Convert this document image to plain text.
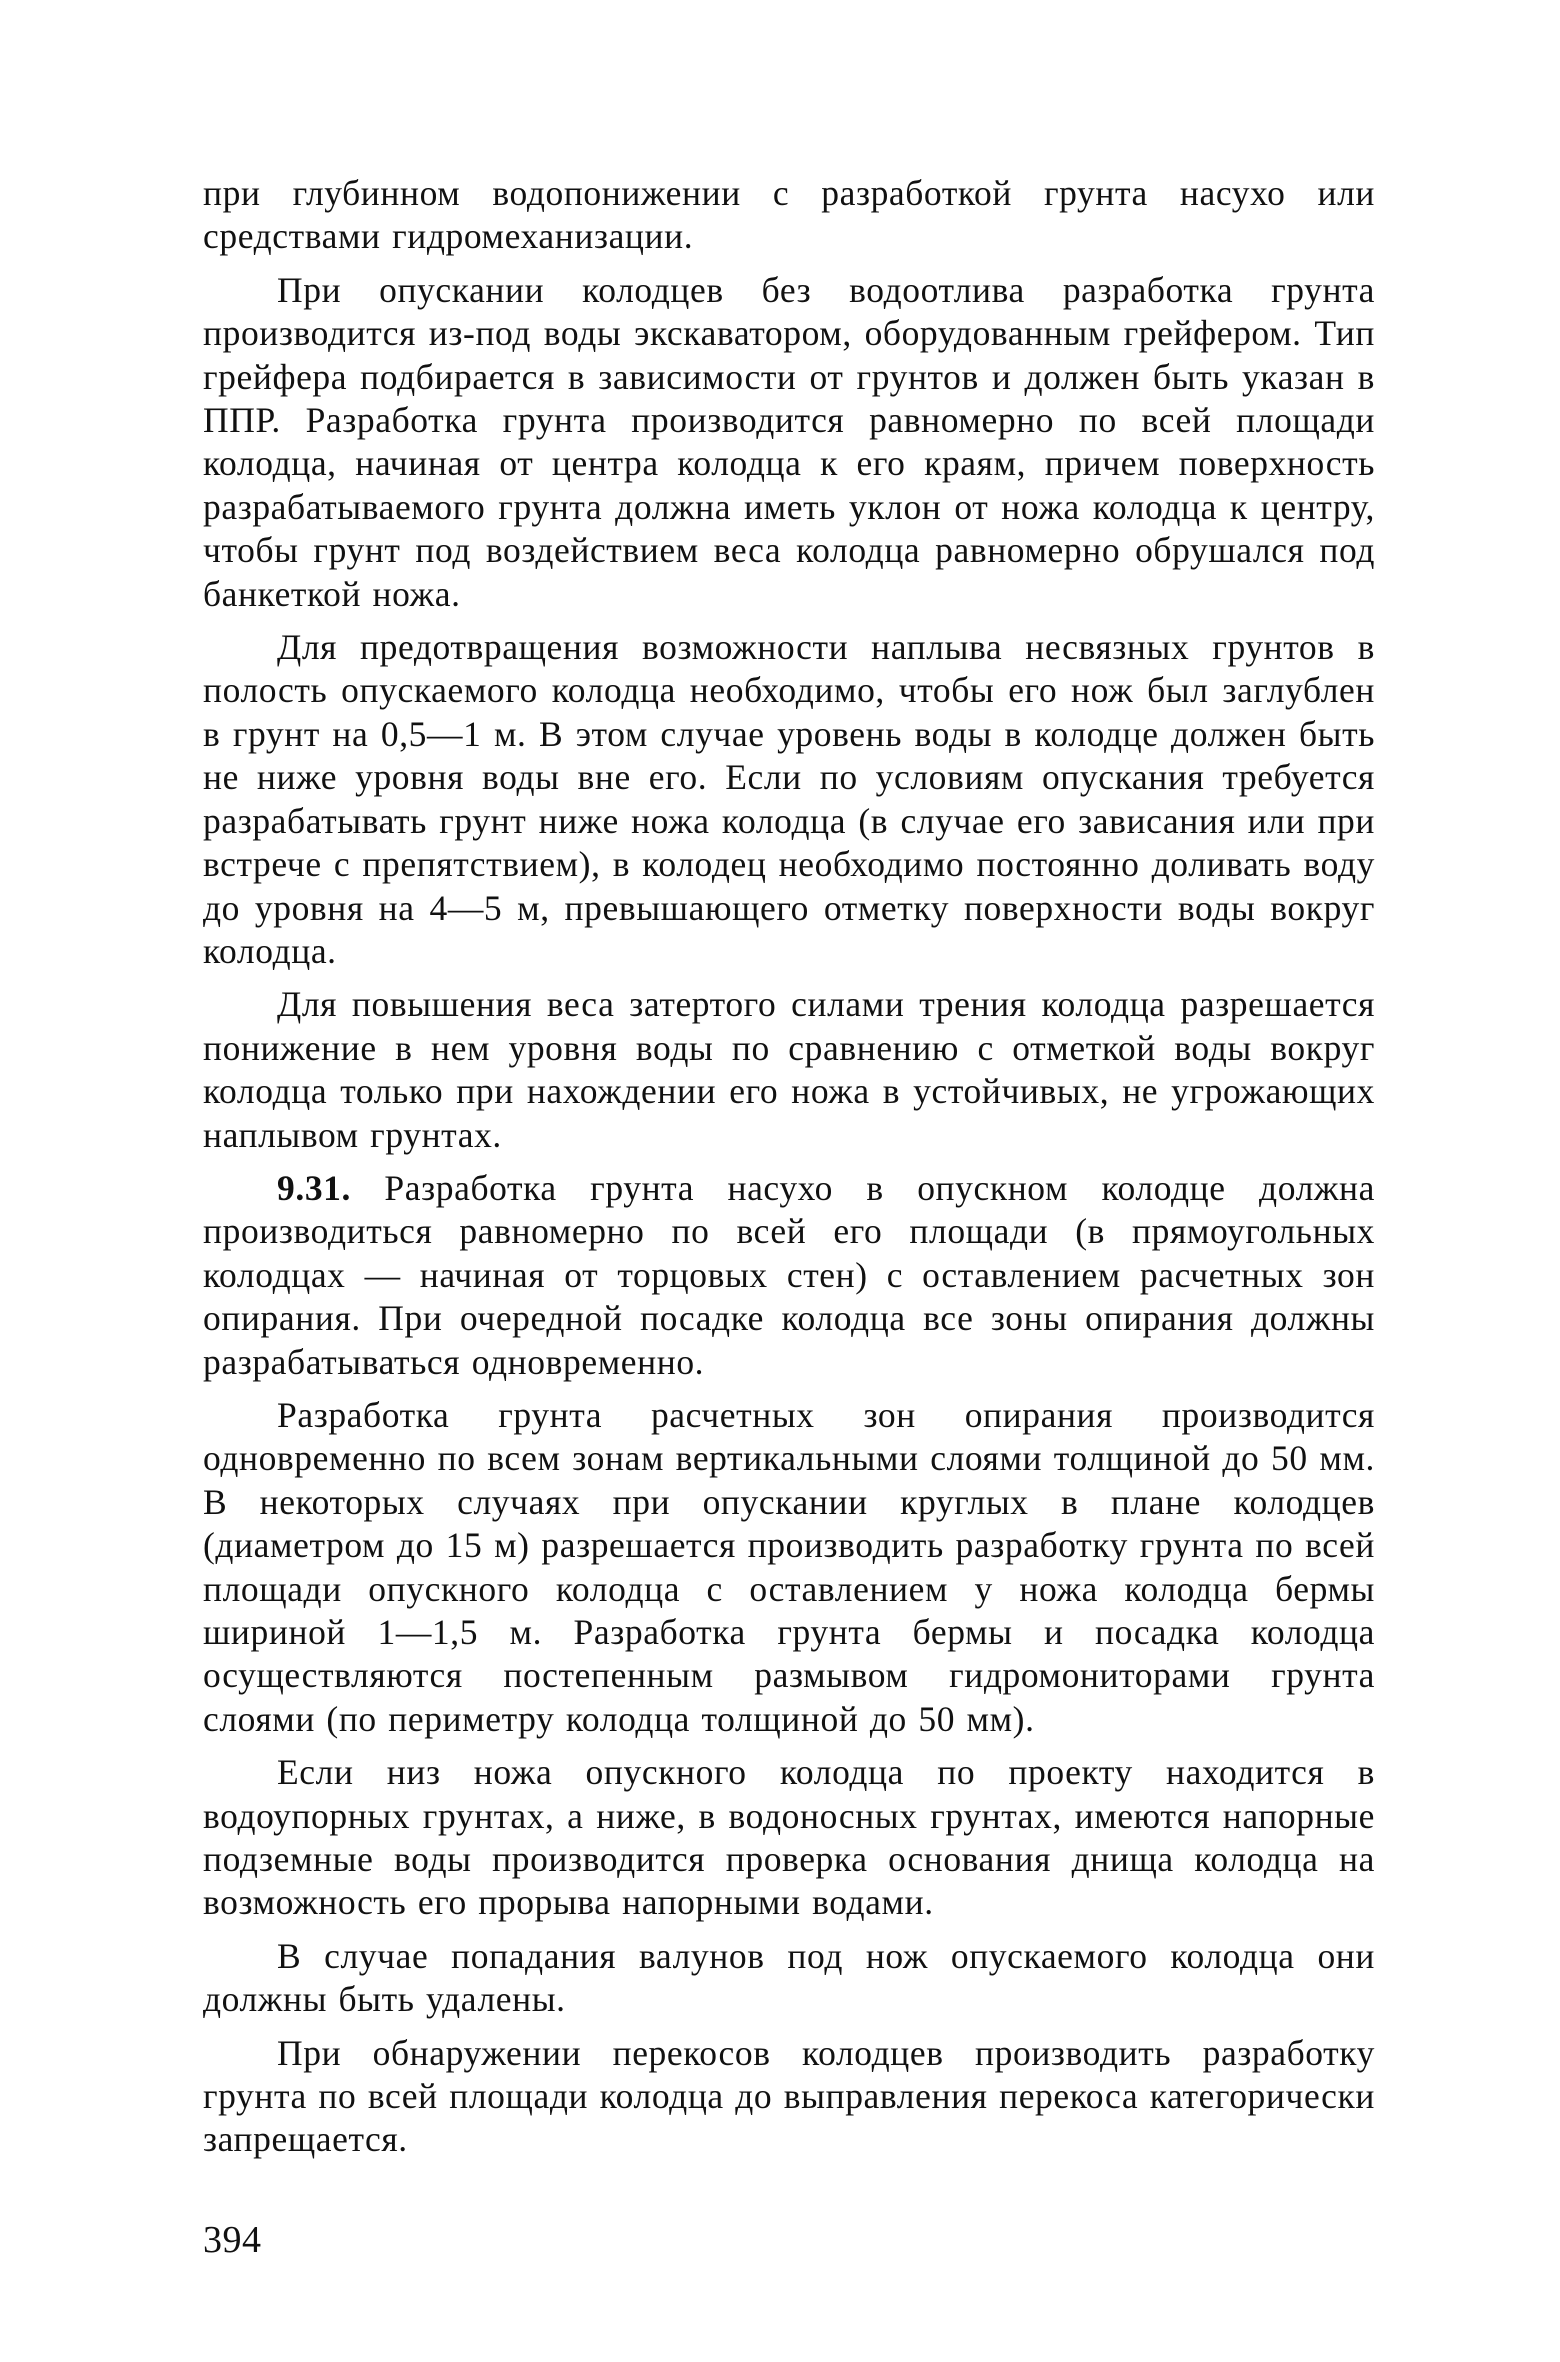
при глубинном водопонижении с разработкой грунта насухо или средствами гидромеханизации.

При опускании колодцев без водоотлива разработка грунта производится из-под воды экскаватором, оборудованным грейфером. Тип грейфера подбирается в зависимости от грунтов и должен быть указан в ППР. Разработка грунта производится равномерно по всей площади колодца, начиная от центра колодца к его краям, причем поверхность разрабатываемого грунта должна иметь уклон от ножа колодца к центру, чтобы грунт под воздействием веса колодца равномерно обрушался под банкеткой ножа.

Для предотвращения возможности наплыва несвязных грунтов в полость опускаемого колодца необходимо, чтобы его нож был заглублен в грунт на 0,5—1 м. В этом случае уровень воды в колодце должен быть не ниже уровня воды вне его. Если по условиям опускания требуется разрабатывать грунт ниже ножа колодца (в случае его зависания или при встрече с препятствием), в колодец необходимо постоянно доливать воду до уровня на 4—5 м, превышающего отметку поверхности воды вокруг колодца.

Для повышения веса затертого силами трения колодца разрешается понижение в нем уровня воды по сравнению с отметкой воды вокруг колодца только при нахождении его ножа в устойчивых, не угрожающих наплывом грунтах.

9.31. Разработка грунта насухо в опускном колодце должна производиться равномерно по всей его площади (в прямоугольных колодцах — начиная от торцовых стен) с оставлением расчетных зон опирания. При очередной посадке колодца все зоны опирания должны разрабатываться одновременно.

Разработка грунта расчетных зон опирания производится одновременно по всем зонам вертикальными слоями толщиной до 50 мм. В некоторых случаях при опускании круглых в плане колодцев (диаметром до 15 м) разрешается производить разработку грунта по всей площади опускного колодца с оставлением у ножа колодца бермы шириной 1—1,5 м. Разработка грунта бермы и посадка колодца осуществляются постепенным размывом гидромониторами грунта слоями (по периметру колодца толщиной до 50 мм).

Если низ ножа опускного колодца по проекту находится в водоупорных грунтах, а ниже, в водоносных грунтах, имеются напорные подземные воды производится проверка основания днища колодца на возможность его прорыва напорными водами.

В случае попадания валунов под нож опускаемого колодца они должны быть удалены.

При обнаружении перекосов колодцев производить разработку грунта по всей площади колодца до выправления перекоса категорически запрещается.

394
